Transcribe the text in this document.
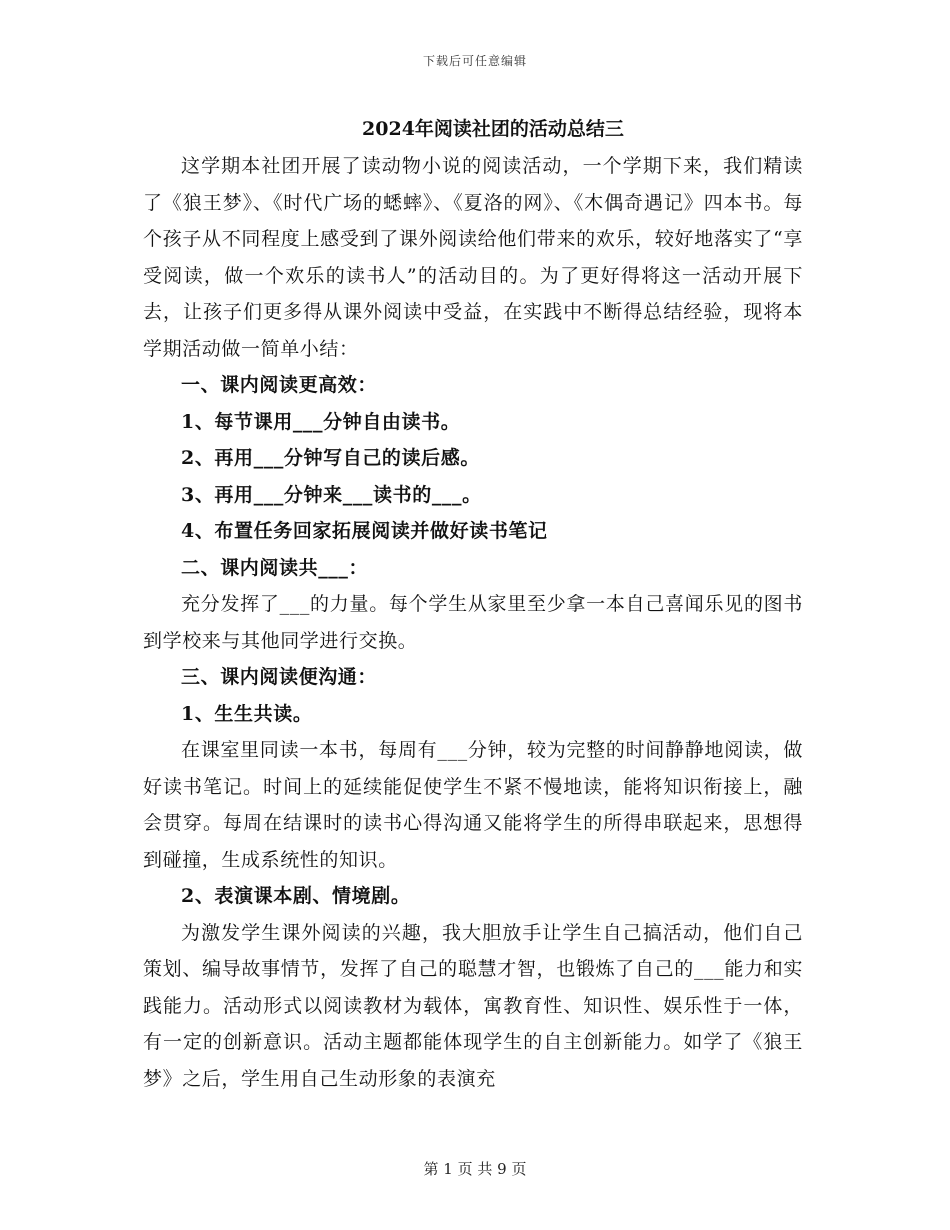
下载后可任意编辑
2024年阅读社团的活动总结三

这学期本社团开展了读动物小说的阅读活动，一个学期下来，我们精读了《狼王梦》、《时代广场的蟋蟀》、《夏洛的网》、《木偶奇遇记》四本书。每个孩子从不同程度上感受到了课外阅读给他们带来的欢乐，较好地落实了“享受阅读，做一个欢乐的读书人”的活动目的。为了更好得将这一活动开展下去，让孩子们更多得从课外阅读中受益，在实践中不断得总结经验，现将本学期活动做一简单小结：

一、课内阅读更高效：

1、每节课用___分钟自由读书。

2、再用___分钟写自己的读后感。

3、再用___分钟来___读书的___。

4、布置任务回家拓展阅读并做好读书笔记

二、课内阅读共___：

充分发挥了___的力量。每个学生从家里至少拿一本自己喜闻乐见的图书到学校来与其他同学进行交换。

三、课内阅读便沟通：

1、生生共读。

在课室里同读一本书，每周有___分钟，较为完整的时间静静地阅读，做好读书笔记。时间上的延续能促使学生不紧不慢地读，能将知识衔接上，融会贯穿。每周在结课时的读书心得沟通又能将学生的所得串联起来，思想得到碰撞，生成系统性的知识。

2、表演课本剧、情境剧。

为激发学生课外阅读的兴趣，我大胆放手让学生自己搞活动，他们自己策划、编导故事情节，发挥了自己的聪慧才智，也锻炼了自己的___能力和实践能力。活动形式以阅读教材为载体，寓教育性、知识性、娱乐性于一体，有一定的创新意识。活动主题都能体现学生的自主创新能力。如学了《狼王梦》之后，学生用自己生动形象的表演充

第 1 页 共 9 页
